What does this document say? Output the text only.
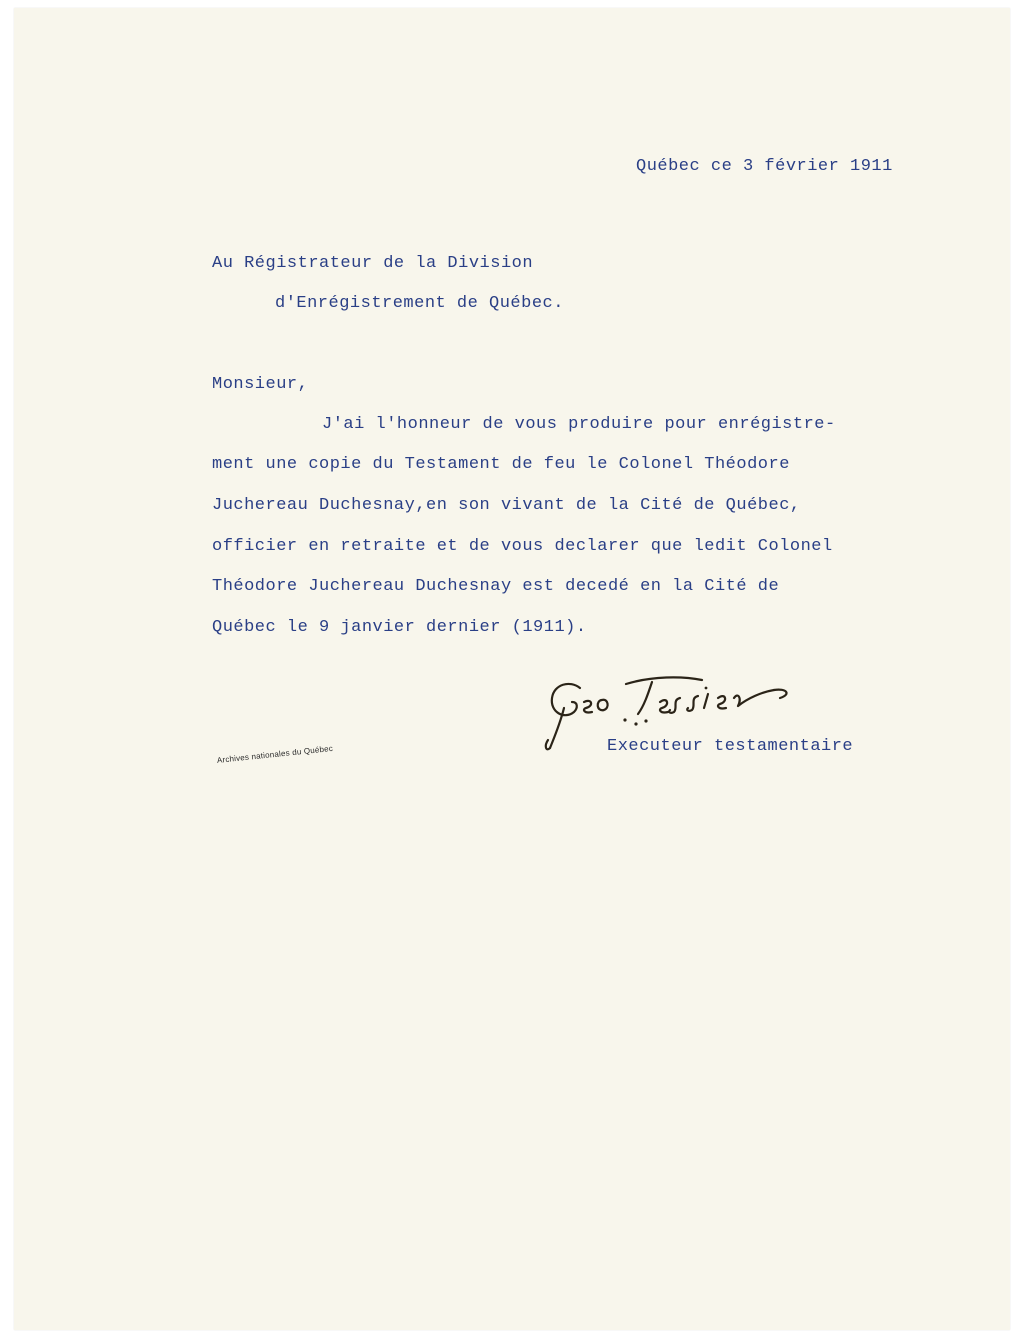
Québec ce 3 février 1911
Au Régistrateur de la Division
d'Enrégistrement de Québec.
Monsieur,
J'ai l'honneur de vous produire pour enrégistre-
ment une copie du Testament de feu le Colonel Théodore
Juchereau Duchesnay,en son vivant de la Cité de Québec,
officier en retraite et de vous declarer que ledit Colonel
Théodore Juchereau Duchesnay est decedé en la Cité de
Québec le 9 janvier dernier (1911).
Executeur testamentaire
Archives nationales du Québec
